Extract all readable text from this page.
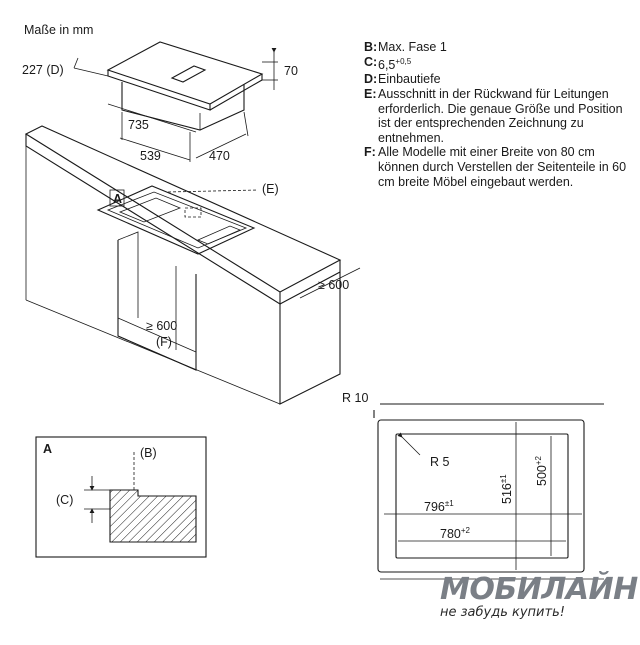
Maße in mm
227 (D)	70
735
539	470
A
(E)
≥ 600
≥ 600
(F)
A	(B)
(C)
R 10
R 5
$796^{\pm 1}$
$780^{+2}$
$516^{\pm 1}$	$500^{+2}$
B: Max. Fase 1
C: $6,5^{+0,5}$
D: Einbautiefe
E: Ausschnitt in der Rückwand für Leitungen erforderlich. Die genaue Größe und Position ist der entsprechenden Zeichnung zu entnehmen.
F: Alle Modelle mit einer Breite von 80 cm können durch Verstellen der Seitenteile in 60 cm breite Möbel eingebaut werden.
МОБИЛАЙН
не забудь купить!
